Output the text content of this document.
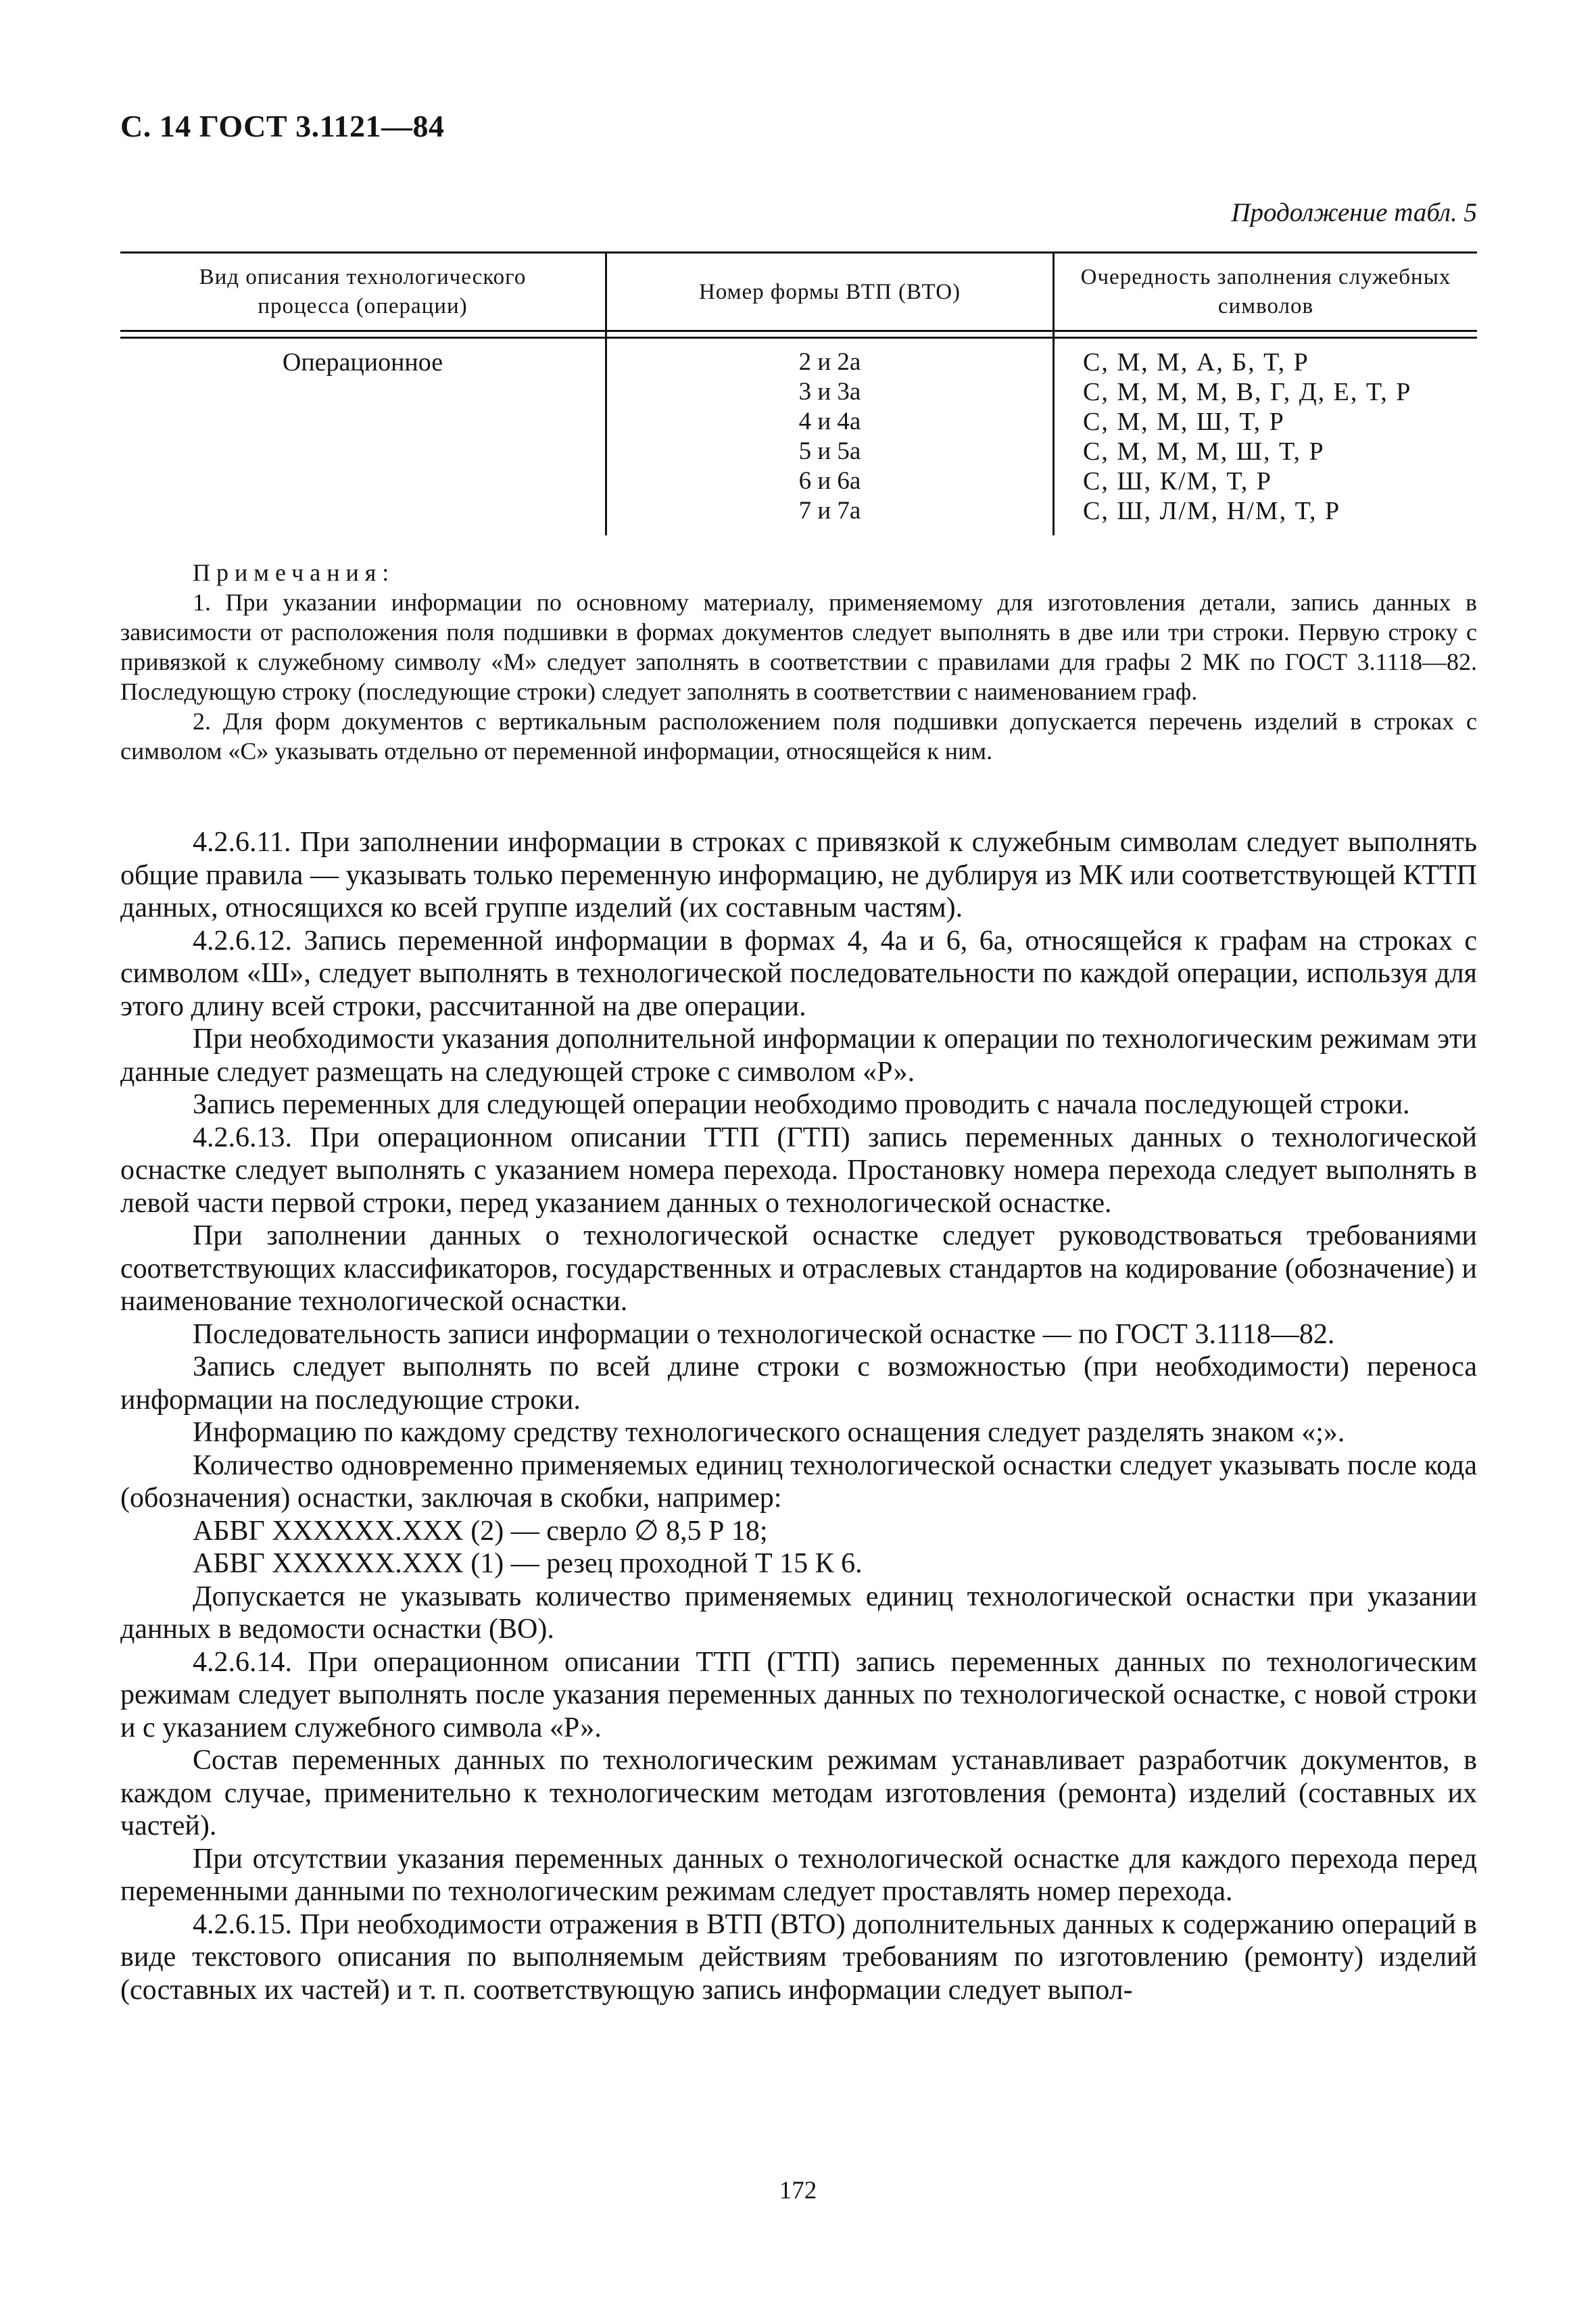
С. 14 ГОСТ 3.1121—84
Продолжение табл. 5
Вид описания технологического процесса (операции)
Номер формы ВТП (ВТО)
Очередность заполнения служебных символов
Операционное	2 и 2а
3 и 3а
4 и 4а
5 и 5а
6 и 6а
7 и 7а
С, М, М, А, Б, Т, Р
С, М, М, М, В, Г, Д, Е, Т, Р
С, М, М, Ш, Т, Р
С, М, М, М, Ш, Т, Р
С, Ш, К/М, Т, Р
С, Ш, Л/М, Н/М, Т, Р
Примечания:

1. При указании информации по основному материалу, применяемому для изготовления детали, запись данных в зависимости от расположения поля подшивки в формах документов следует выполнять в две или три строки. Первую строку с привязкой к служебному символу «М» следует заполнять в соответствии с правилами для графы 2 МК по ГОСТ 3.1118—82. Последующую строку (последующие строки) следует заполнять в соответствии с наименованием граф.

2. Для форм документов с вертикальным расположением поля подшивки допускается перечень изделий в строках с символом «С» указывать отдельно от переменной информации, относящейся к ним.

4.2.6.11. При заполнении информации в строках с привязкой к служебным символам следует выполнять общие правила — указывать только переменную информацию, не дублируя из МК или соответствующей КТТП данных, относящихся ко всей группе изделий (их составным частям).

4.2.6.12. Запись переменной информации в формах 4, 4а и 6, 6а, относящейся к графам на строках с символом «Ш», следует выполнять в технологической последовательности по каждой операции, используя для этого длину всей строки, рассчитанной на две операции.

При необходимости указания дополнительной информации к операции по технологическим режимам эти данные следует размещать на следующей строке с символом «Р».

Запись переменных для следующей операции необходимо проводить с начала последующей строки.

4.2.6.13. При операционном описании ТТП (ГТП) запись переменных данных о технологической оснастке следует выполнять с указанием номера перехода. Простановку номера перехода следует выполнять в левой части первой строки, перед указанием данных о технологической оснастке.

При заполнении данных о технологической оснастке следует руководствоваться требованиями соответствующих классификаторов, государственных и отраслевых стандартов на кодирование (обозначение) и наименование технологической оснастки.

Последовательность записи информации о технологической оснастке — по ГОСТ 3.1118—82.

Запись следует выполнять по всей длине строки с возможностью (при необходимости) переноса информации на последующие строки.

Информацию по каждому средству технологического оснащения следует разделять знаком «;».

Количество одновременно применяемых единиц технологической оснастки следует указывать после кода (обозначения) оснастки, заключая в скобки, например:

АБВГ ХХХХХХ.ХХХ (2) — сверло ∅ 8,5 Р 18;

АБВГ ХХХХХХ.ХХХ (1) — резец проходной Т 15 К 6.

Допускается не указывать количество применяемых единиц технологической оснастки при указании данных в ведомости оснастки (ВО).

4.2.6.14. При операционном описании ТТП (ГТП) запись переменных данных по технологическим режимам следует выполнять после указания переменных данных по технологической оснастке, с новой строки и с указанием служебного символа «Р».

Состав переменных данных по технологическим режимам устанавливает разработчик документов, в каждом случае, применительно к технологическим методам изготовления (ремонта) изделий (составных их частей).

При отсутствии указания переменных данных о технологической оснастке для каждого перехода перед переменными данными по технологическим режимам следует проставлять номер перехода.

4.2.6.15. При необходимости отражения в ВТП (ВТО) дополнительных данных к содержанию операций в виде текстового описания по выполняемым действиям требованиям по изготовлению (ремонту) изделий (составных их частей) и т. п. соответствующую запись информации следует выпол-

172
